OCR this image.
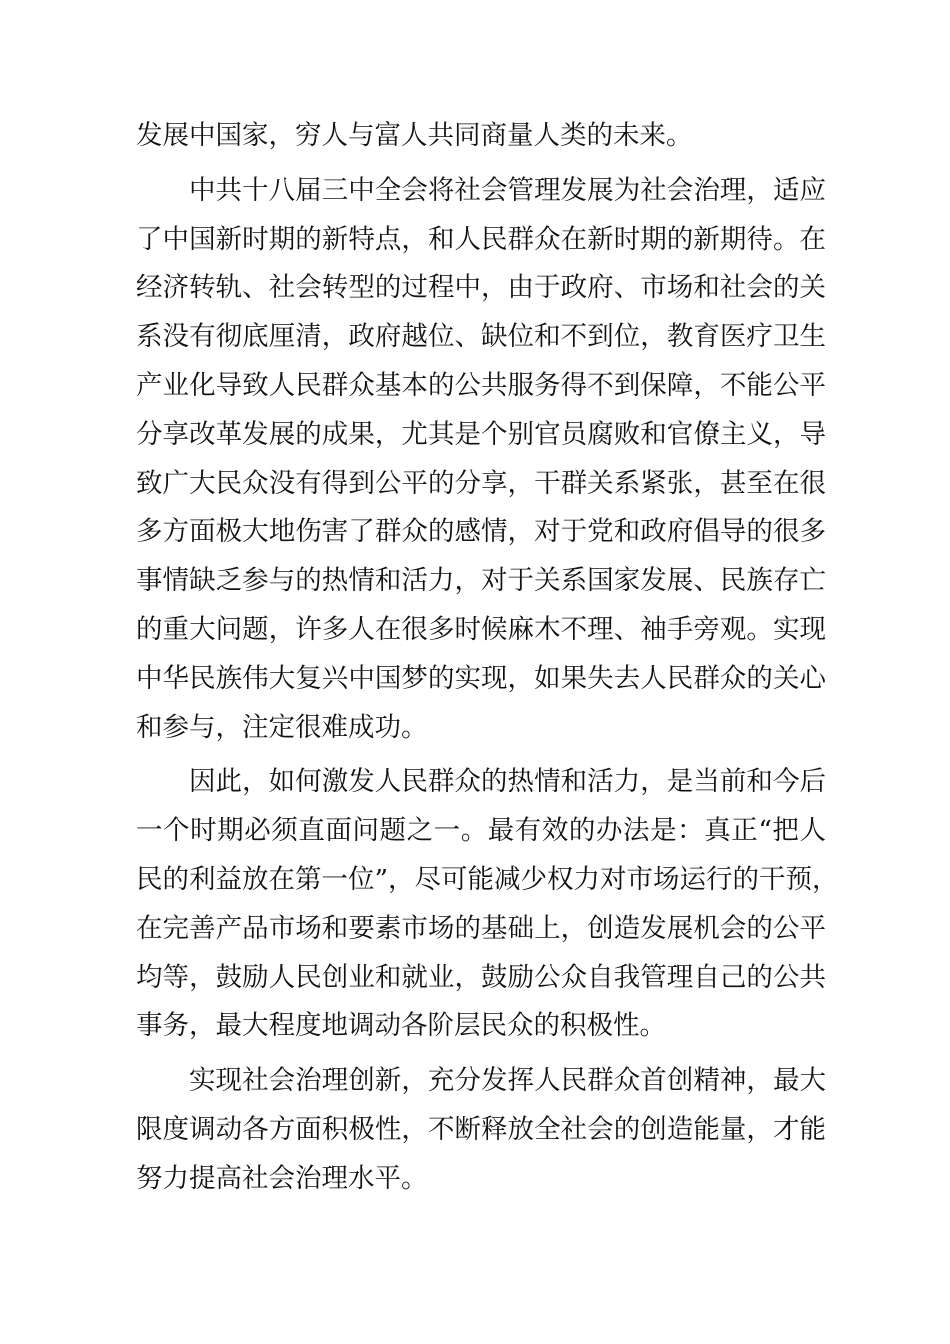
发展中国家，穷人与富人共同商量人类的未来。
中共十八届三中全会将社会管理发展为社会治理，适应
了中国新时期的新特点，和人民群众在新时期的新期待。在
经济转轨、社会转型的过程中，由于政府、市场和社会的关
系没有彻底厘清，政府越位、缺位和不到位，教育医疗卫生
产业化导致人民群众基本的公共服务得不到保障，不能公平
分享改革发展的成果，尤其是个别官员腐败和官僚主义，导
致广大民众没有得到公平的分享，干群关系紧张，甚至在很
多方面极大地伤害了群众的感情，对于党和政府倡导的很多
事情缺乏参与的热情和活力，对于关系国家发展、民族存亡
的重大问题，许多人在很多时候麻木不理、袖手旁观。实现
中华民族伟大复兴中国梦的实现，如果失去人民群众的关心
和参与，注定很难成功。
因此，如何激发人民群众的热情和活力，是当前和今后
一个时期必须直面问题之一。最有效的办法是：真正“把人
民的利益放在第一位”，尽可能减少权力对市场运行的干预，
在完善产品市场和要素市场的基础上，创造发展机会的公平
均等，鼓励人民创业和就业，鼓励公众自我管理自己的公共
事务，最大程度地调动各阶层民众的积极性。
实现社会治理创新，充分发挥人民群众首创精神，最大
限度调动各方面积极性，不断释放全社会的创造能量，才能
努力提高社会治理水平。
